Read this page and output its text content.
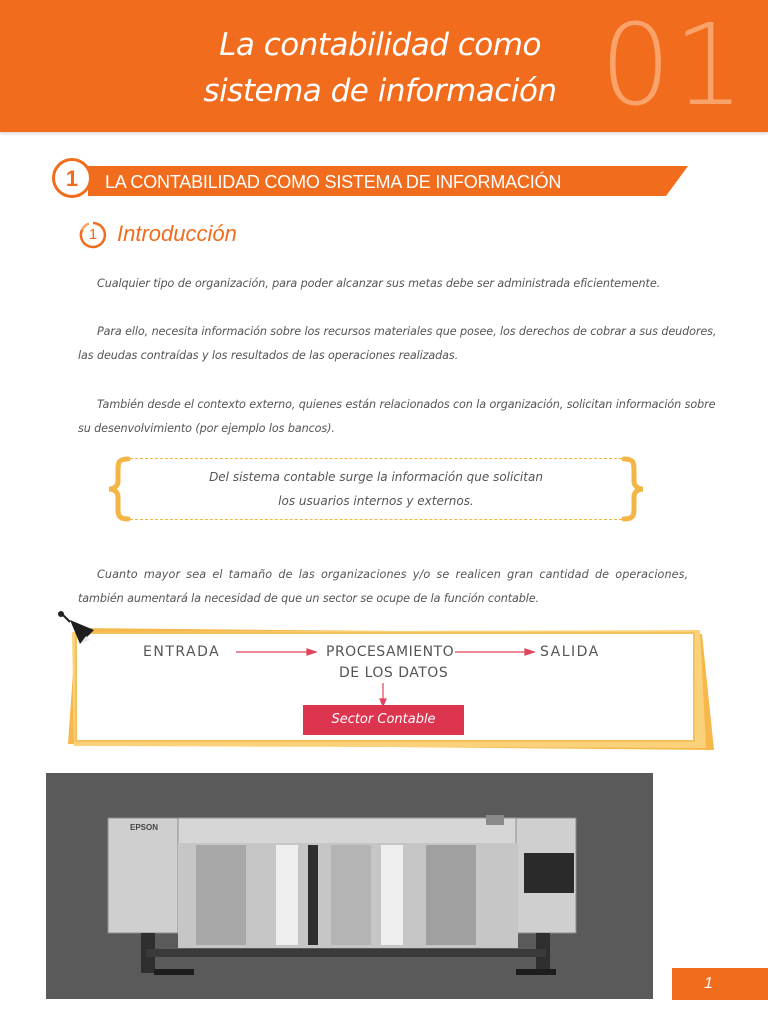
La contabilidad como
sistema de información 01
LA CONTABILIDAD COMO SISTEMA DE INFORMACIÓN
1
1 Introducción
Cualquier tipo de organización, para poder alcanzar sus metas debe ser administrada eficientemente.
Para ello, necesita información sobre los recursos materiales que posee, los derechos de cobrar a sus deudores,
las deudas contraídas y los resultados de las operaciones realizadas.
También desde el contexto externo, quienes están relacionados con la organización, solicitan información sobre
su desenvolvimiento (por ejemplo los bancos).
Del sistema contable surge la información que solicitan
los usuarios internos y externos.
Cuanto mayor sea el tamaño de las organizaciones y/o se realicen gran cantidad de operaciones,
también aumentará la necesidad de que un sector se ocupe de la función contable.
ENTRADA	PROCESAMIENTO
DE LOS DATOS
SALIDA
Sector Contable
EPSON
1
